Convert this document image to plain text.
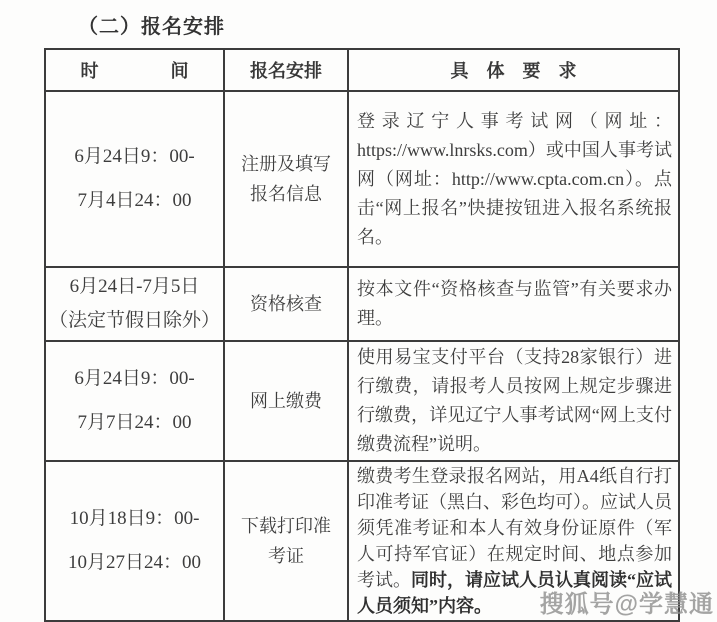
（二）报名安排
时　　　　间	报名安排	具　体　要　求

6月24日9：00-
7月4日24：00	注册及填写报名信息	登录辽宁人事考试网（网址：https://www.lnrsks.com）或中国人事考试网（网址：http://www.cpta.com.cn）。点击“网上报名”快捷按钮进入报名系统报名。

6月24日-7月5日
（法定节假日除外）	资格核查	按本文件“资格核查与监管”有关要求办理。

6月24日9：00-
7月7日24：00	网上缴费	使用易宝支付平台（支持28家银行）进行缴费，请报考人员按网上规定步骤进行缴费，详见辽宁人事考试网“网上支付缴费流程”说明。

10月18日9：00-
10月27日24：00	下载打印准考证	缴费考生登录报名网站，用A4纸自行打印准考证（黑白、彩色均可）。应试人员须凭准考证和本人有效身份证原件（军人可持军官证）在规定时间、地点参加考试。同时，请应试人员认真阅读“应试人员须知”内容。 搜狐号@学慧通
